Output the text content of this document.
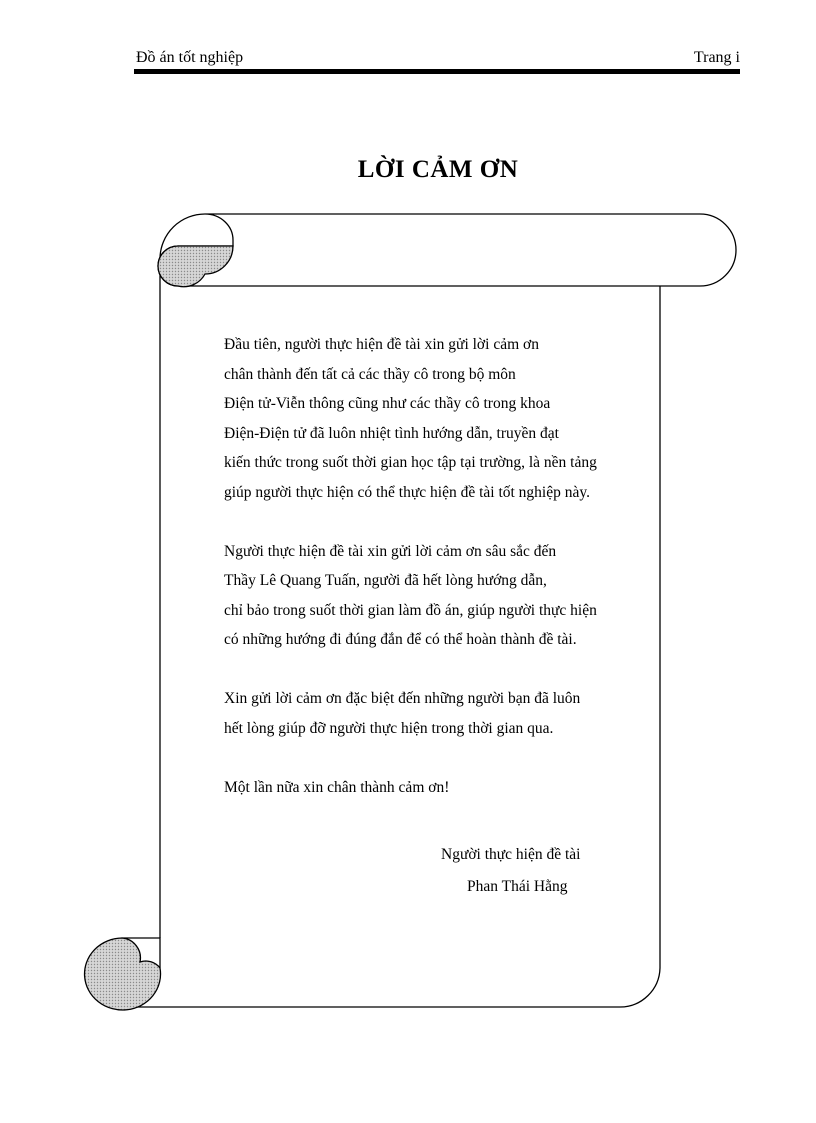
Đồ án tốt nghiệp	Trang i
LỜI CẢM ƠN

Đầu tiên, người thực hiện đề tài xin gửi lời cảm ơn

chân thành đến tất cả các thầy cô trong bộ môn

Điện tử-Viễn thông cũng như các thầy cô trong khoa

Điện-Điện tử đã luôn nhiệt tình hướng dẫn, truyền đạt

kiến thức trong suốt thời gian học tập tại trường, là nền tảng

giúp người thực hiện có thể thực hiện đề tài tốt nghiệp này.

Người thực hiện đề tài xin gửi lời cảm ơn sâu sắc đến

Thầy Lê Quang Tuấn, người đã hết lòng hướng dẫn,

chỉ bảo trong suốt thời gian làm đồ án, giúp người thực hiện

có những hướng đi đúng đắn để có thể hoàn thành đề tài.

Xin gửi lời cảm ơn đặc biệt đến những người bạn đã luôn

hết lòng giúp đỡ người thực hiện trong thời gian qua.

Một lần nữa xin chân thành cảm ơn!

Người thực hiện đề tài
Phan Thái Hằng
